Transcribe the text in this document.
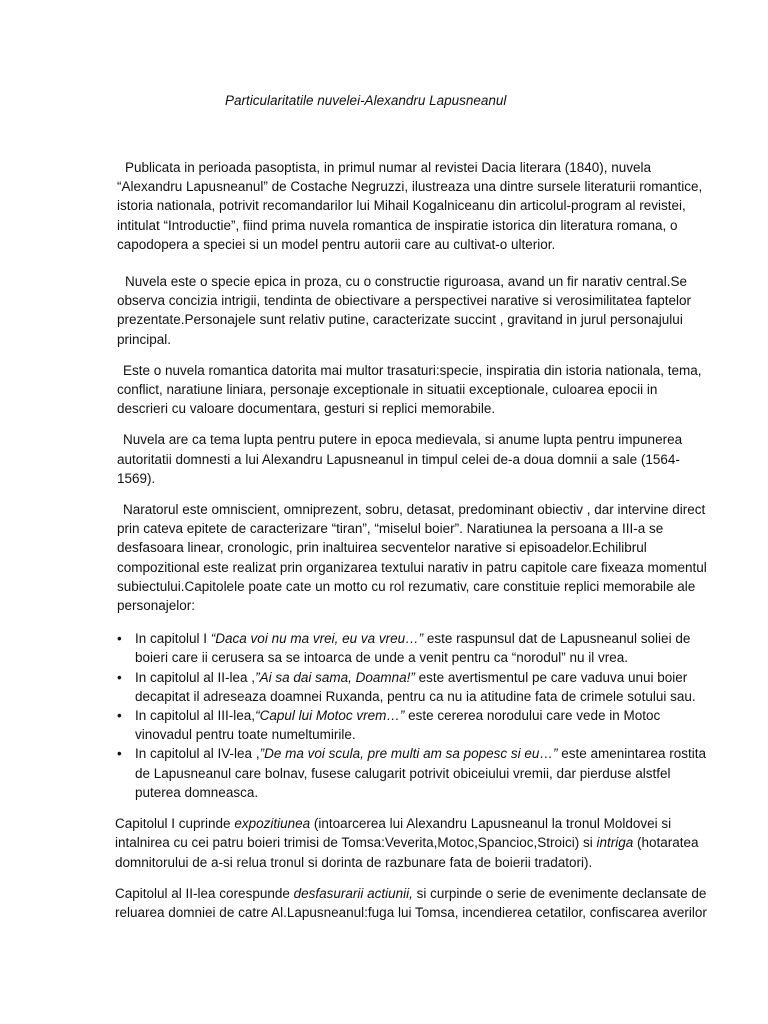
Particularitatile nuvelei-Alexandru Lapusneanul

Publicata in perioada pasoptista, in primul numar al revistei Dacia literara (1840), nuvela “Alexandru Lapusneanul” de Costache Negruzzi, ilustreaza una dintre sursele literaturii romantice, istoria nationala, potrivit recomandarilor lui Mihail Kogalniceanu din articolul-program al revistei, intitulat “Introductie”, fiind prima nuvela romantica de inspiratie istorica din literatura romana, o capodopera a speciei si un model pentru autorii care au cultivat-o ulterior.

Nuvela este o specie epica in proza, cu o constructie riguroasa, avand un fir narativ central.Se observa concizia intrigii, tendinta de obiectivare a perspectivei narative si verosimilitatea faptelor prezentate.Personajele sunt relativ putine, caracterizate succint , gravitand in jurul personajului principal.

Este o nuvela romantica datorita mai multor trasaturi:specie, inspiratia din istoria nationala, tema, conflict, naratiune liniara, personaje exceptionale in situatii exceptionale, culoarea epocii in descrieri cu valoare documentara, gesturi si replici memorabile.

Nuvela are ca tema lupta pentru putere in epoca medievala, si anume lupta pentru impunerea autoritatii domnesti a lui Alexandru Lapusneanul in timpul celei de-a doua domnii a sale (1564-1569).

Naratorul este omniscient, omniprezent, sobru, detasat, predominant obiectiv , dar intervine direct prin cateva epitete de caracterizare “tiran”, “miselul boier”. Naratiunea la persoana a III-a se desfasoara linear, cronologic, prin inaltuirea secventelor narative si episoadelor.Echilibrul compozitional este realizat prin organizarea textului narativ in patru capitole care fixeaza momentul subiectului.Capitolele poate cate un motto cu rol rezumativ, care constituie replici memorabile ale personajelor:

• In capitolul I “Daca voi nu ma vrei, eu va vreu…” este raspunsul dat de Lapusneanul soliei de boieri care ii cerusera sa se intoarca de unde a venit pentru ca “norodul” nu il vrea.
• In capitolul al II-lea ,”Ai sa dai sama, Doamna!” este avertismentul pe care vaduva unui boier decapitat il adreseaza doamnei Ruxanda, pentru ca nu ia atitudine fata de crimele sotului sau.
• In capitolul al III-lea,“Capul lui Motoc vrem…” este cererea norodului care vede in Motoc vinovadul pentru toate numeltumirile.
• In capitolul al IV-lea ,”De ma voi scula, pre multi am sa popesc si eu…” este amenintarea rostita de Lapusneanul care bolnav, fusese calugarit potrivit obiceiului vremii, dar pierduse alstfel puterea domneasca.

Capitolul I cuprinde expozitiunea (intoarcerea lui Alexandru Lapusneanul la tronul Moldovei si intalnirea cu cei patru boieri trimisi de Tomsa:Veverita,Motoc,Spancioc,Stroici) si intriga (hotaratea domnitorului de a-si relua tronul si dorinta de razbunare fata de boierii tradatori).

Capitolul al II-lea corespunde desfasurarii actiunii, si curpinde o serie de evenimente declansate de reluarea domniei de catre Al.Lapusneanul:fuga lui Tomsa, incendierea cetatilor, confiscarea averilor
